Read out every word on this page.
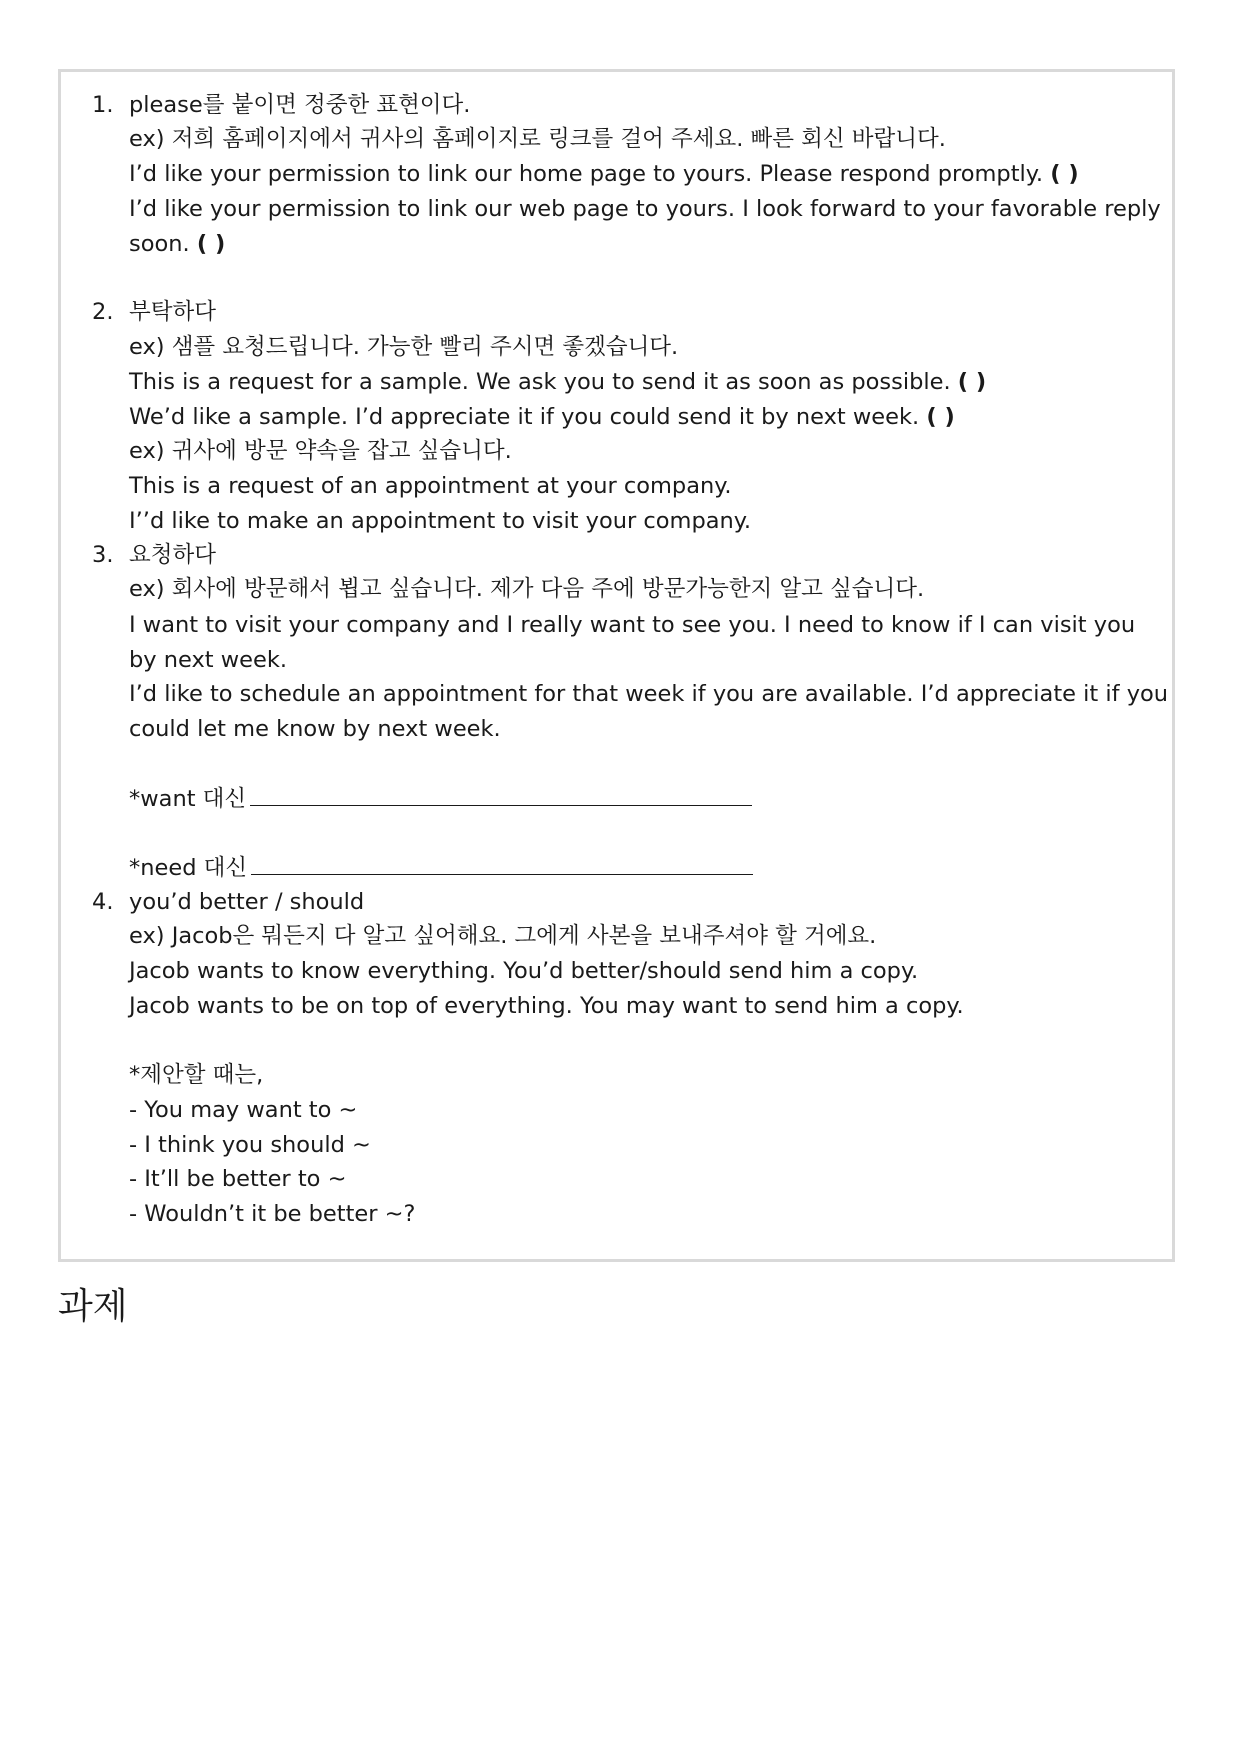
1. please를 붙이면 정중한 표현이다.
ex) 저희 홈페이지에서 귀사의 홈페이지로 링크를 걸어 주세요. 빠른 회신 바랍니다.
I’d like your permission to link our home page to yours. Please respond promptly. ( )
I’d like your permission to link our web page to yours. I look forward to your favorable reply
soon. ( )
2. 부탁하다
ex) 샘플 요청드립니다. 가능한 빨리 주시면 좋겠습니다.
This is a request for a sample. We ask you to send it as soon as possible. ( )
We’d like a sample. I’d appreciate it if you could send it by next week. ( )
ex) 귀사에 방문 약속을 잡고 싶습니다.
This is a request of an appointment at your company.
I’’d like to make an appointment to visit your company.
3. 요청하다
ex) 회사에 방문해서 뵙고 싶습니다. 제가 다음 주에 방문가능한지 알고 싶습니다.
I want to visit your company and I really want to see you. I need to know if I can visit you
by next week.
I’d like to schedule an appointment for that week if you are available. I’d appreciate it if you
could let me know by next week.
*want 대신
*need 대신
4. you’d better / should
ex) Jacob은 뭐든지 다 알고 싶어해요. 그에게 사본을 보내주셔야 할 거에요.
Jacob wants to know everything. You’d better/should send him a copy.
Jacob wants to be on top of everything. You may want to send him a copy.
*제안할 때는,
- You may want to ~
- I think you should ~
- It’ll be better to ~
- Wouldn’t it be better ~?
과제
